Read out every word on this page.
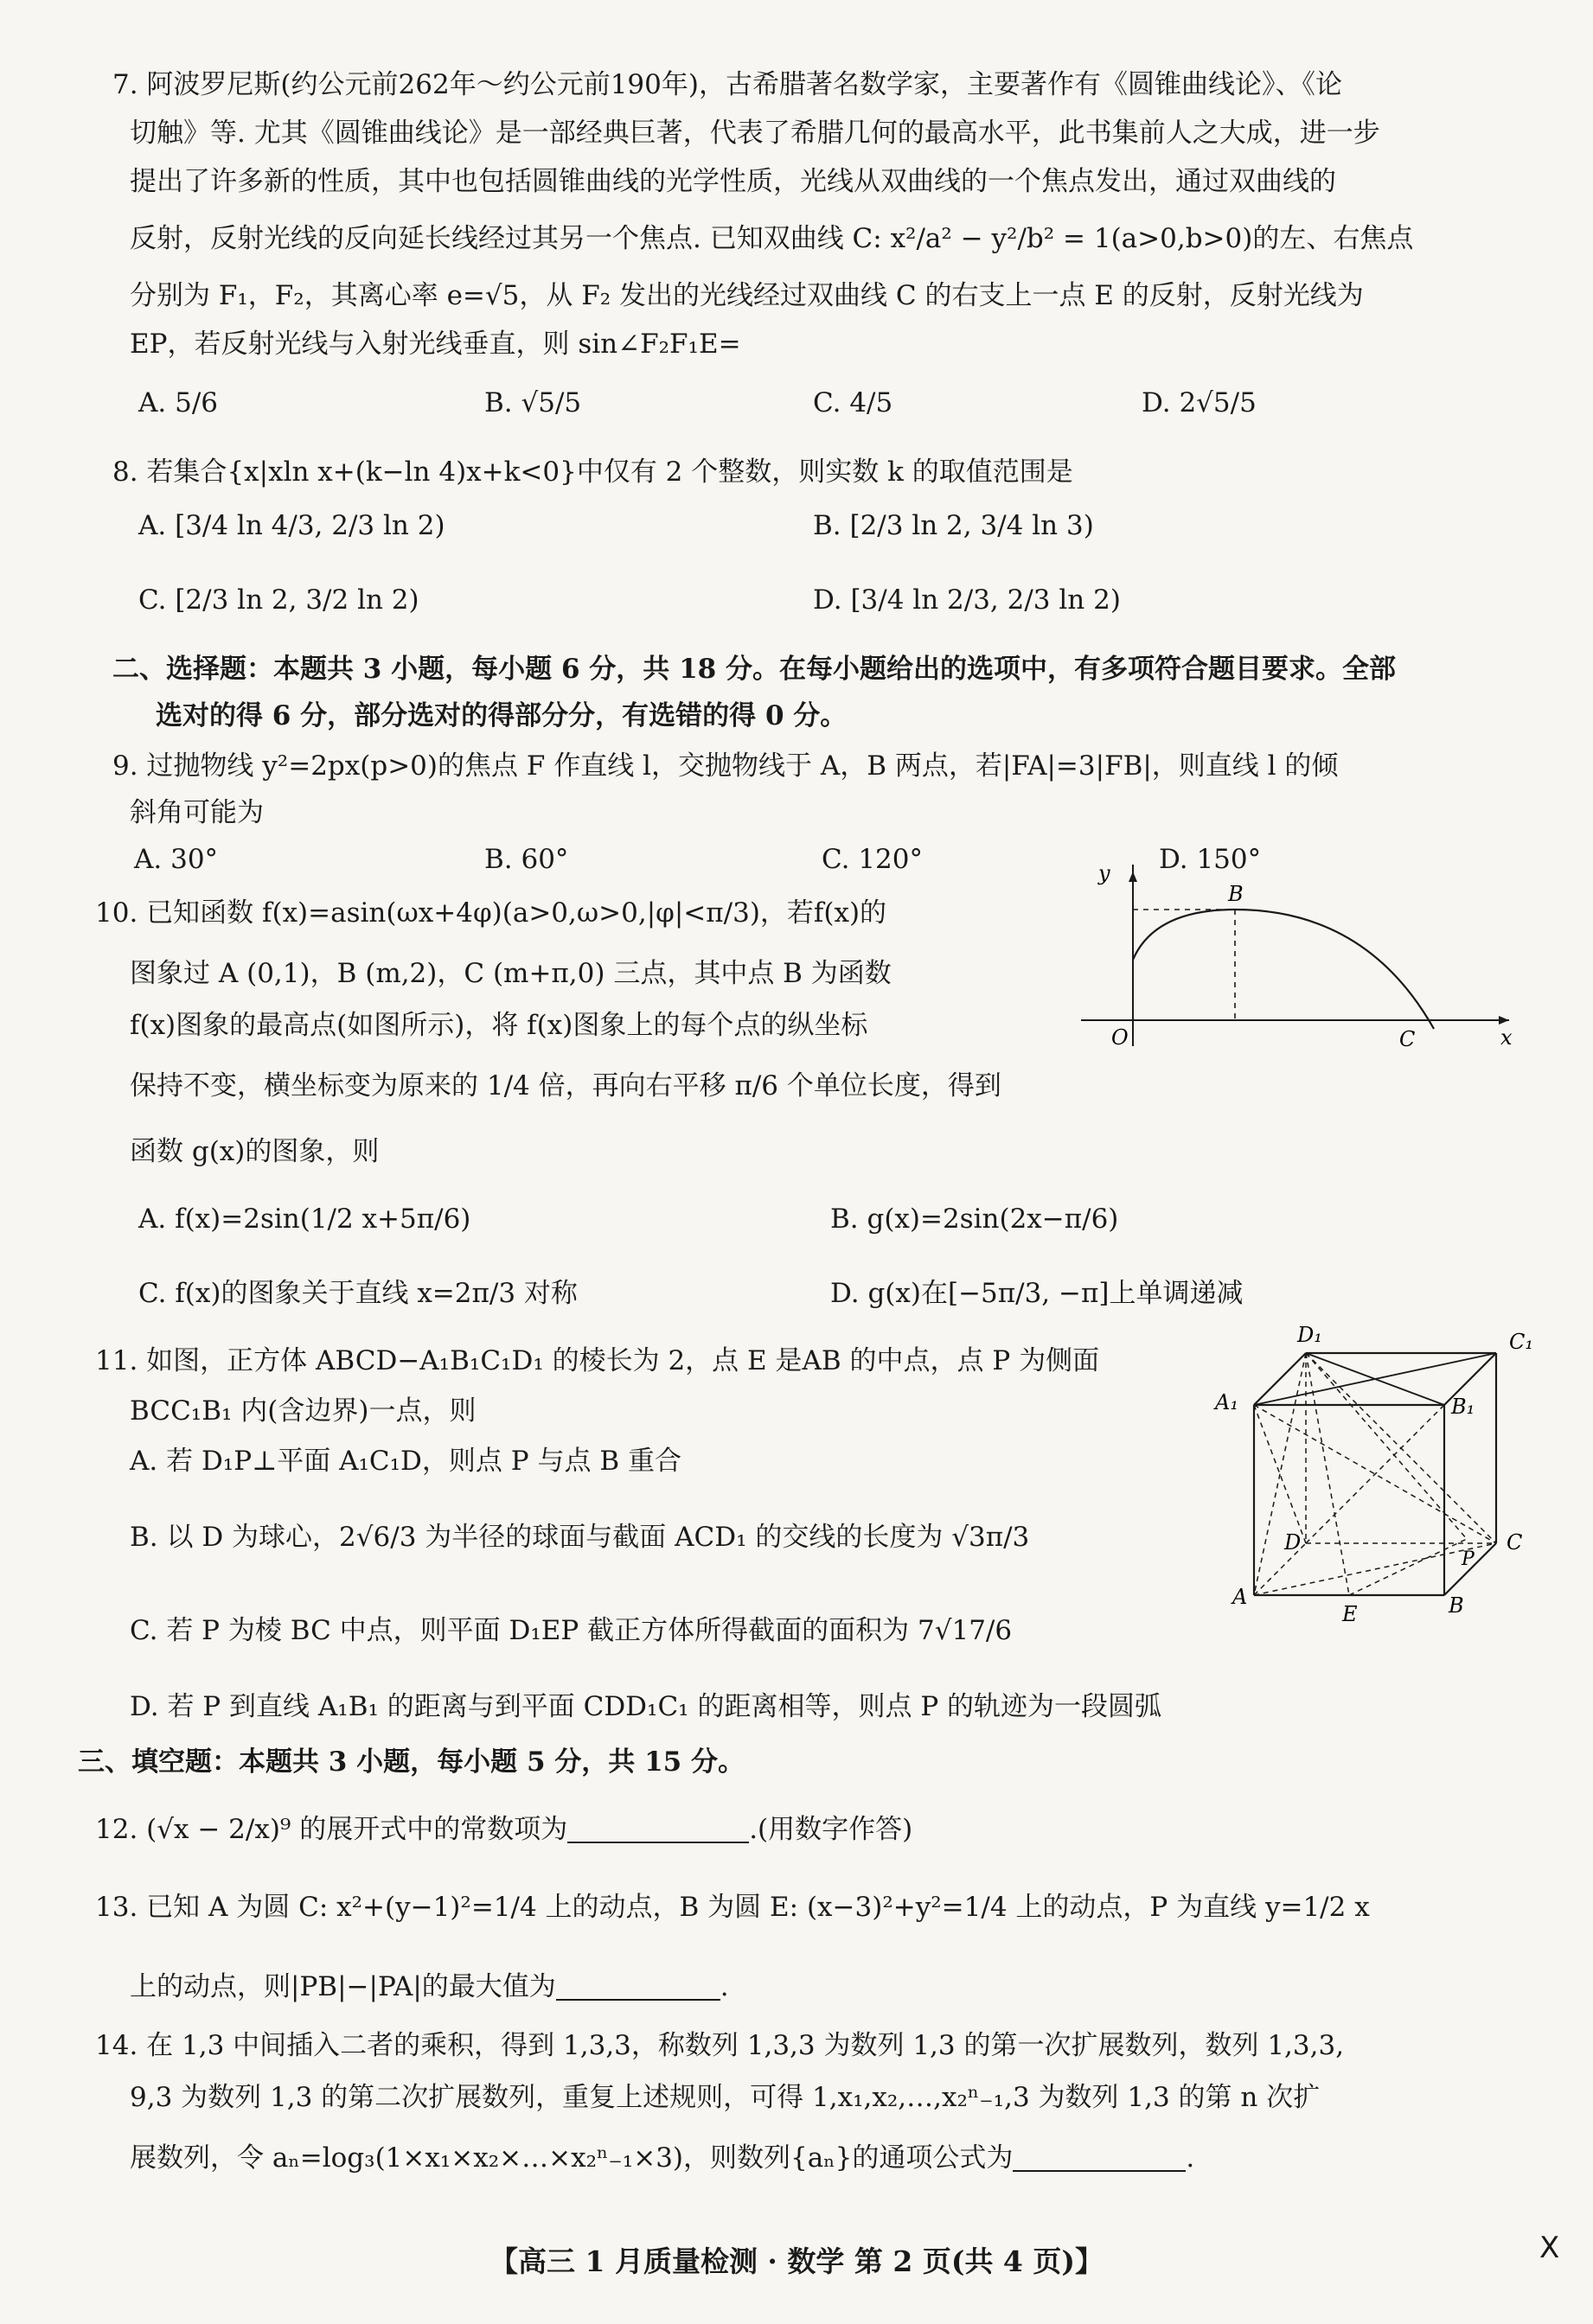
7. 阿波罗尼斯(约公元前262年～约公元前190年)，古希腊著名数学家，主要著作有《圆锥曲线论》、《论
切触》等. 尤其《圆锥曲线论》是一部经典巨著，代表了希腊几何的最高水平，此书集前人之大成，进一步
提出了许多新的性质，其中也包括圆锥曲线的光学性质，光线从双曲线的一个焦点发出，通过双曲线的
反射，反射光线的反向延长线经过其另一个焦点. 已知双曲线 C: x²/a² − y²/b² = 1(a>0,b>0)的左、右焦点
分别为 F₁，F₂，其离心率 e=√5，从 F₂ 发出的光线经过双曲线 C 的右支上一点 E 的反射，反射光线为
EP，若反射光线与入射光线垂直，则 sin∠F₂F₁E=
A. 5/6	B. √5/5	C. 4/5	D. 2√5/5
8. 若集合{x|xln x+(k−ln 4)x+k<0}中仅有 2 个整数，则实数 k 的取值范围是
A. [3/4 ln 4/3, 2/3 ln 2)	B. [2/3 ln 2, 3/4 ln 3)
C. [2/3 ln 2, 3/2 ln 2)	D. [3/4 ln 2/3, 2/3 ln 2)
二、选择题：本题共 3 小题，每小题 6 分，共 18 分。在每小题给出的选项中，有多项符合题目要求。全部
选对的得 6 分，部分选对的得部分分，有选错的得 0 分。
9. 过抛物线 y²=2px(p>0)的焦点 F 作直线 l，交抛物线于 A，B 两点，若|FA|=3|FB|，则直线 l 的倾
斜角可能为
A. 30°	B. 60°	C. 120°	D. 150°
10. 已知函数 f(x)=asin(ωx+4φ)(a>0,ω>0,|φ|<π/3)，若f(x)的
图象过 A (0,1)，B (m,2)，C (m+π,0) 三点，其中点 B 为函数
f(x)图象的最高点(如图所示)，将 f(x)图象上的每个点的纵坐标
保持不变，横坐标变为原来的 1/4 倍，再向右平移 π/6 个单位长度，得到
函数 g(x)的图象，则
A. f(x)=2sin(1/2 x+5π/6)	B. g(x)=2sin(2x−π/6)
C. f(x)的图象关于直线 x=2π/3 对称	D. g(x)在[−5π/3, −π]上单调递减
y
x
B
C
O
11. 如图，正方体 ABCD−A₁B₁C₁D₁ 的棱长为 2，点 E 是AB 的中点，点 P 为侧面
BCC₁B₁ 内(含边界)一点，则
A. 若 D₁P⊥平面 A₁C₁D，则点 P 与点 B 重合
B. 以 D 为球心，2√6/3 为半径的球面与截面 ACD₁ 的交线的长度为 √3π/3
C. 若 P 为棱 BC 中点，则平面 D₁EP 截正方体所得截面的面积为 7√17/6
D. 若 P 到直线 A₁B₁ 的距离与到平面 CDD₁C₁ 的距离相等，则点 P 的轨迹为一段圆弧
D₁	C₁
A₁	B₁
D	C
P
A
E	B
三、填空题：本题共 3 小题，每小题 5 分，共 15 分。
12. (√x − 2/x)⁹ 的展开式中的常数项为	.(用数字作答)
13. 已知 A 为圆 C: x²+(y−1)²=1/4 上的动点，B 为圆 E: (x−3)²+y²=1/4 上的动点，P 为直线 y=1/2 x
上的动点，则|PB|−|PA|的最大值为	.
14. 在 1,3 中间插入二者的乘积，得到 1,3,3，称数列 1,3,3 为数列 1,3 的第一次扩展数列，数列 1,3,3,
9,3 为数列 1,3 的第二次扩展数列，重复上述规则，可得 1,x₁,x₂,…,x₂ⁿ₋₁,3 为数列 1,3 的第 n 次扩
展数列，令 aₙ=log₃(1×x₁×x₂×…×x₂ⁿ₋₁×3)，则数列{aₙ}的通项公式为	.
【高三 1 月质量检测 · 数学 第 2 页(共 4 页)】	X
